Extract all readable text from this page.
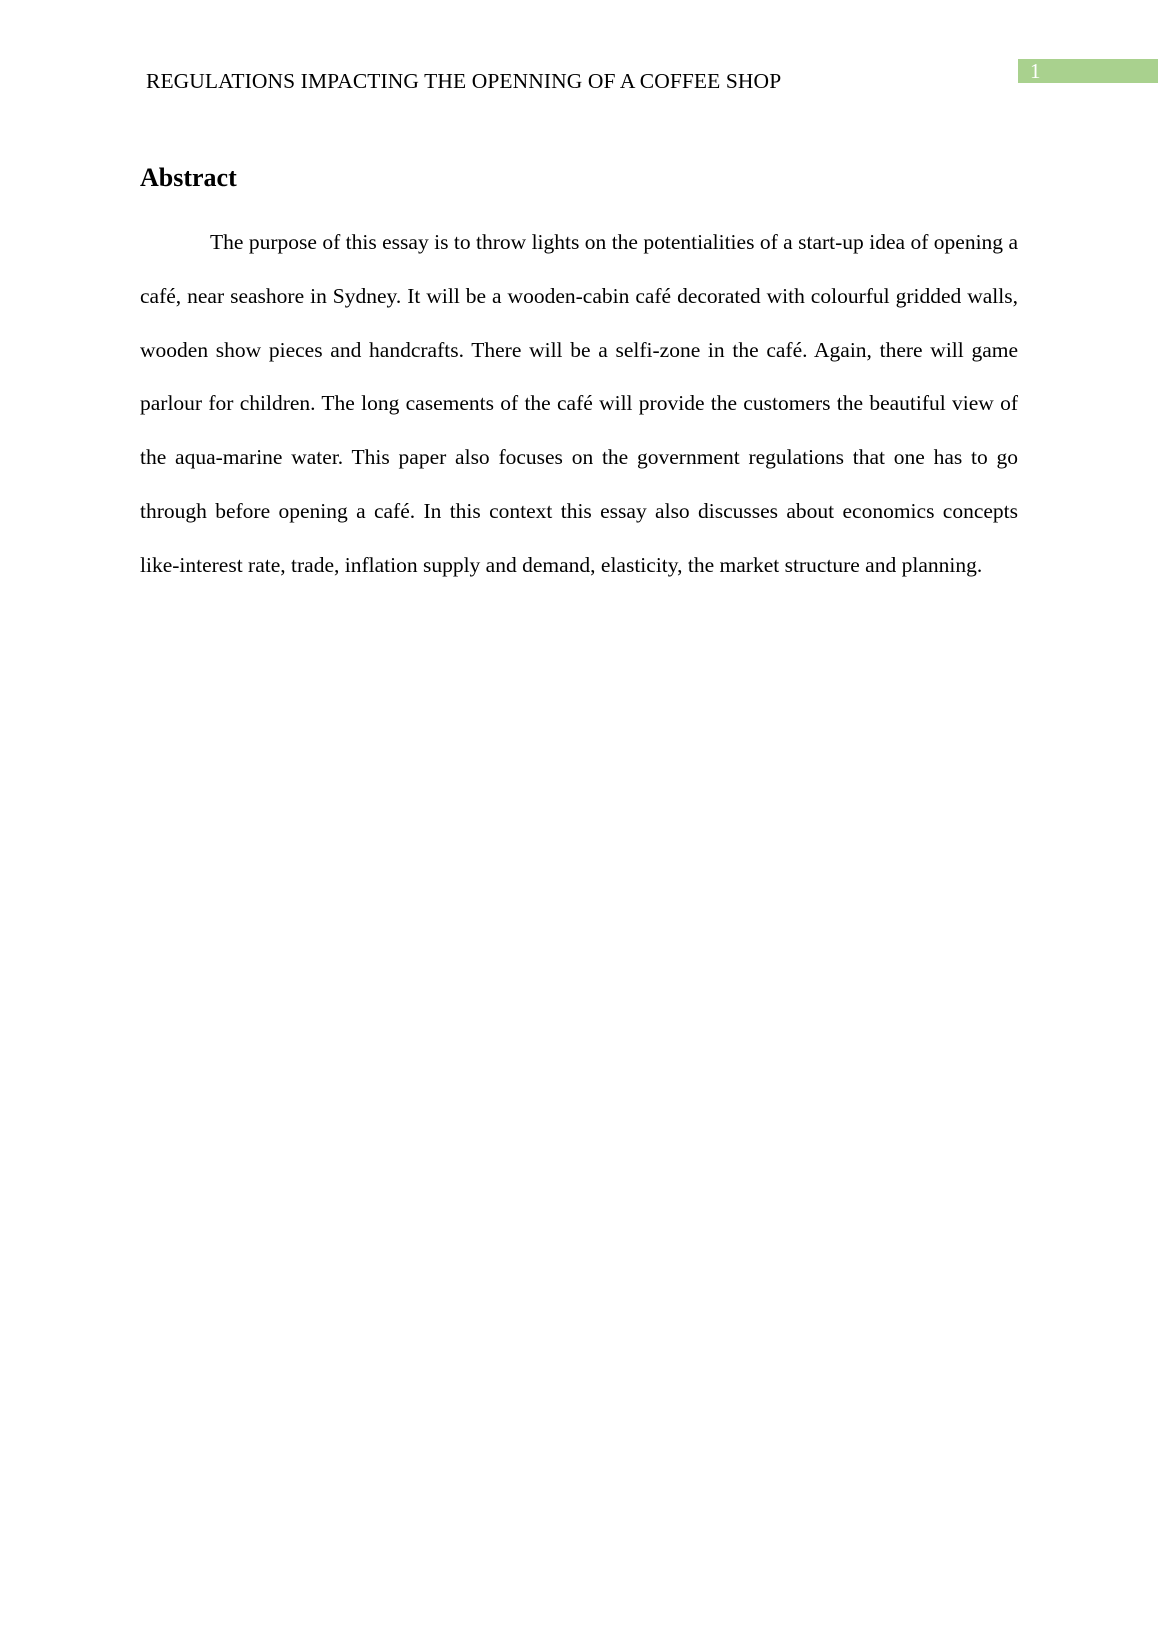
REGULATIONS IMPACTING THE OPENNING OF A COFFEE SHOP	1
Abstract

The purpose of this essay is to throw lights on the potentialities of a start-up idea of opening a café, near seashore in Sydney. It will be a wooden-cabin café decorated with colourful gridded walls, wooden show pieces and handcrafts. There will be a selfi-zone in the café. Again, there will game parlour for children. The long casements of the café will provide the customers the beautiful view of the aqua-marine water. This paper also focuses on the government regulations that one has to go through before opening a café. In this context this essay also discusses about economics concepts like-interest rate, trade, inflation supply and demand, elasticity, the market structure and planning.
